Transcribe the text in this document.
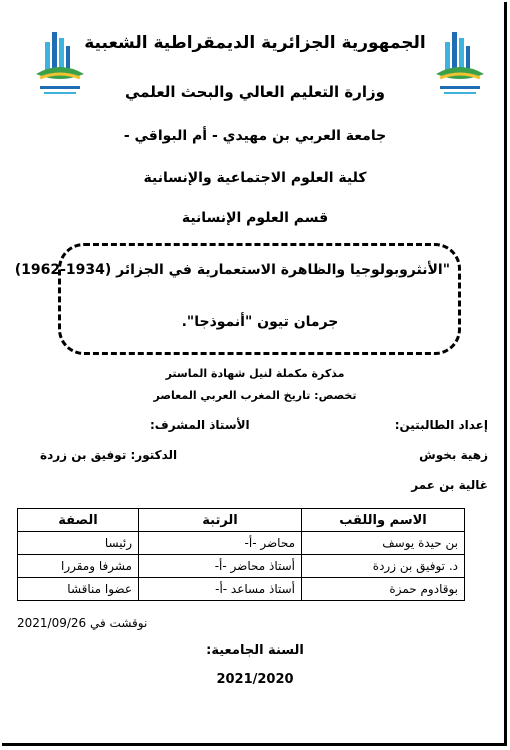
الجمهورية الجزائرية الديمقراطية الشعبية
وزارة التعليم العالي والبحث العلمي
جامعة العربي بن مهيدي - أم البواقي -
كلية العلوم الاجتماعية والإنسانية
قسم العلوم الإنسانية
"الأنثروبولوجيا والظاهرة الاستعمارية في الجزائر (1934-1962)
جرمان تيون "أنموذجا".
مذكرة مكملة لنيل شهادة الماستر
تخصص: تاريخ المغرب العربي المعاصر
إعداد الطالبتين:
زهية بخوش
غالية بن عمر
الأستاذ المشرف:
الدكتور: توفيق بن زردة
الاسم واللقب	الرتبة	الصفة
بن حيدة يوسف	محاضر -أ-	رئيسا
د. توفيق بن زردة	أستاذ محاضر -أ-	مشرفا ومقررا
بوقادوم حمزة	أستاذ مساعد -أ-	عضوا مناقشا
نوقشت في 2021/09/26
السنة الجامعية:
2021/2020
